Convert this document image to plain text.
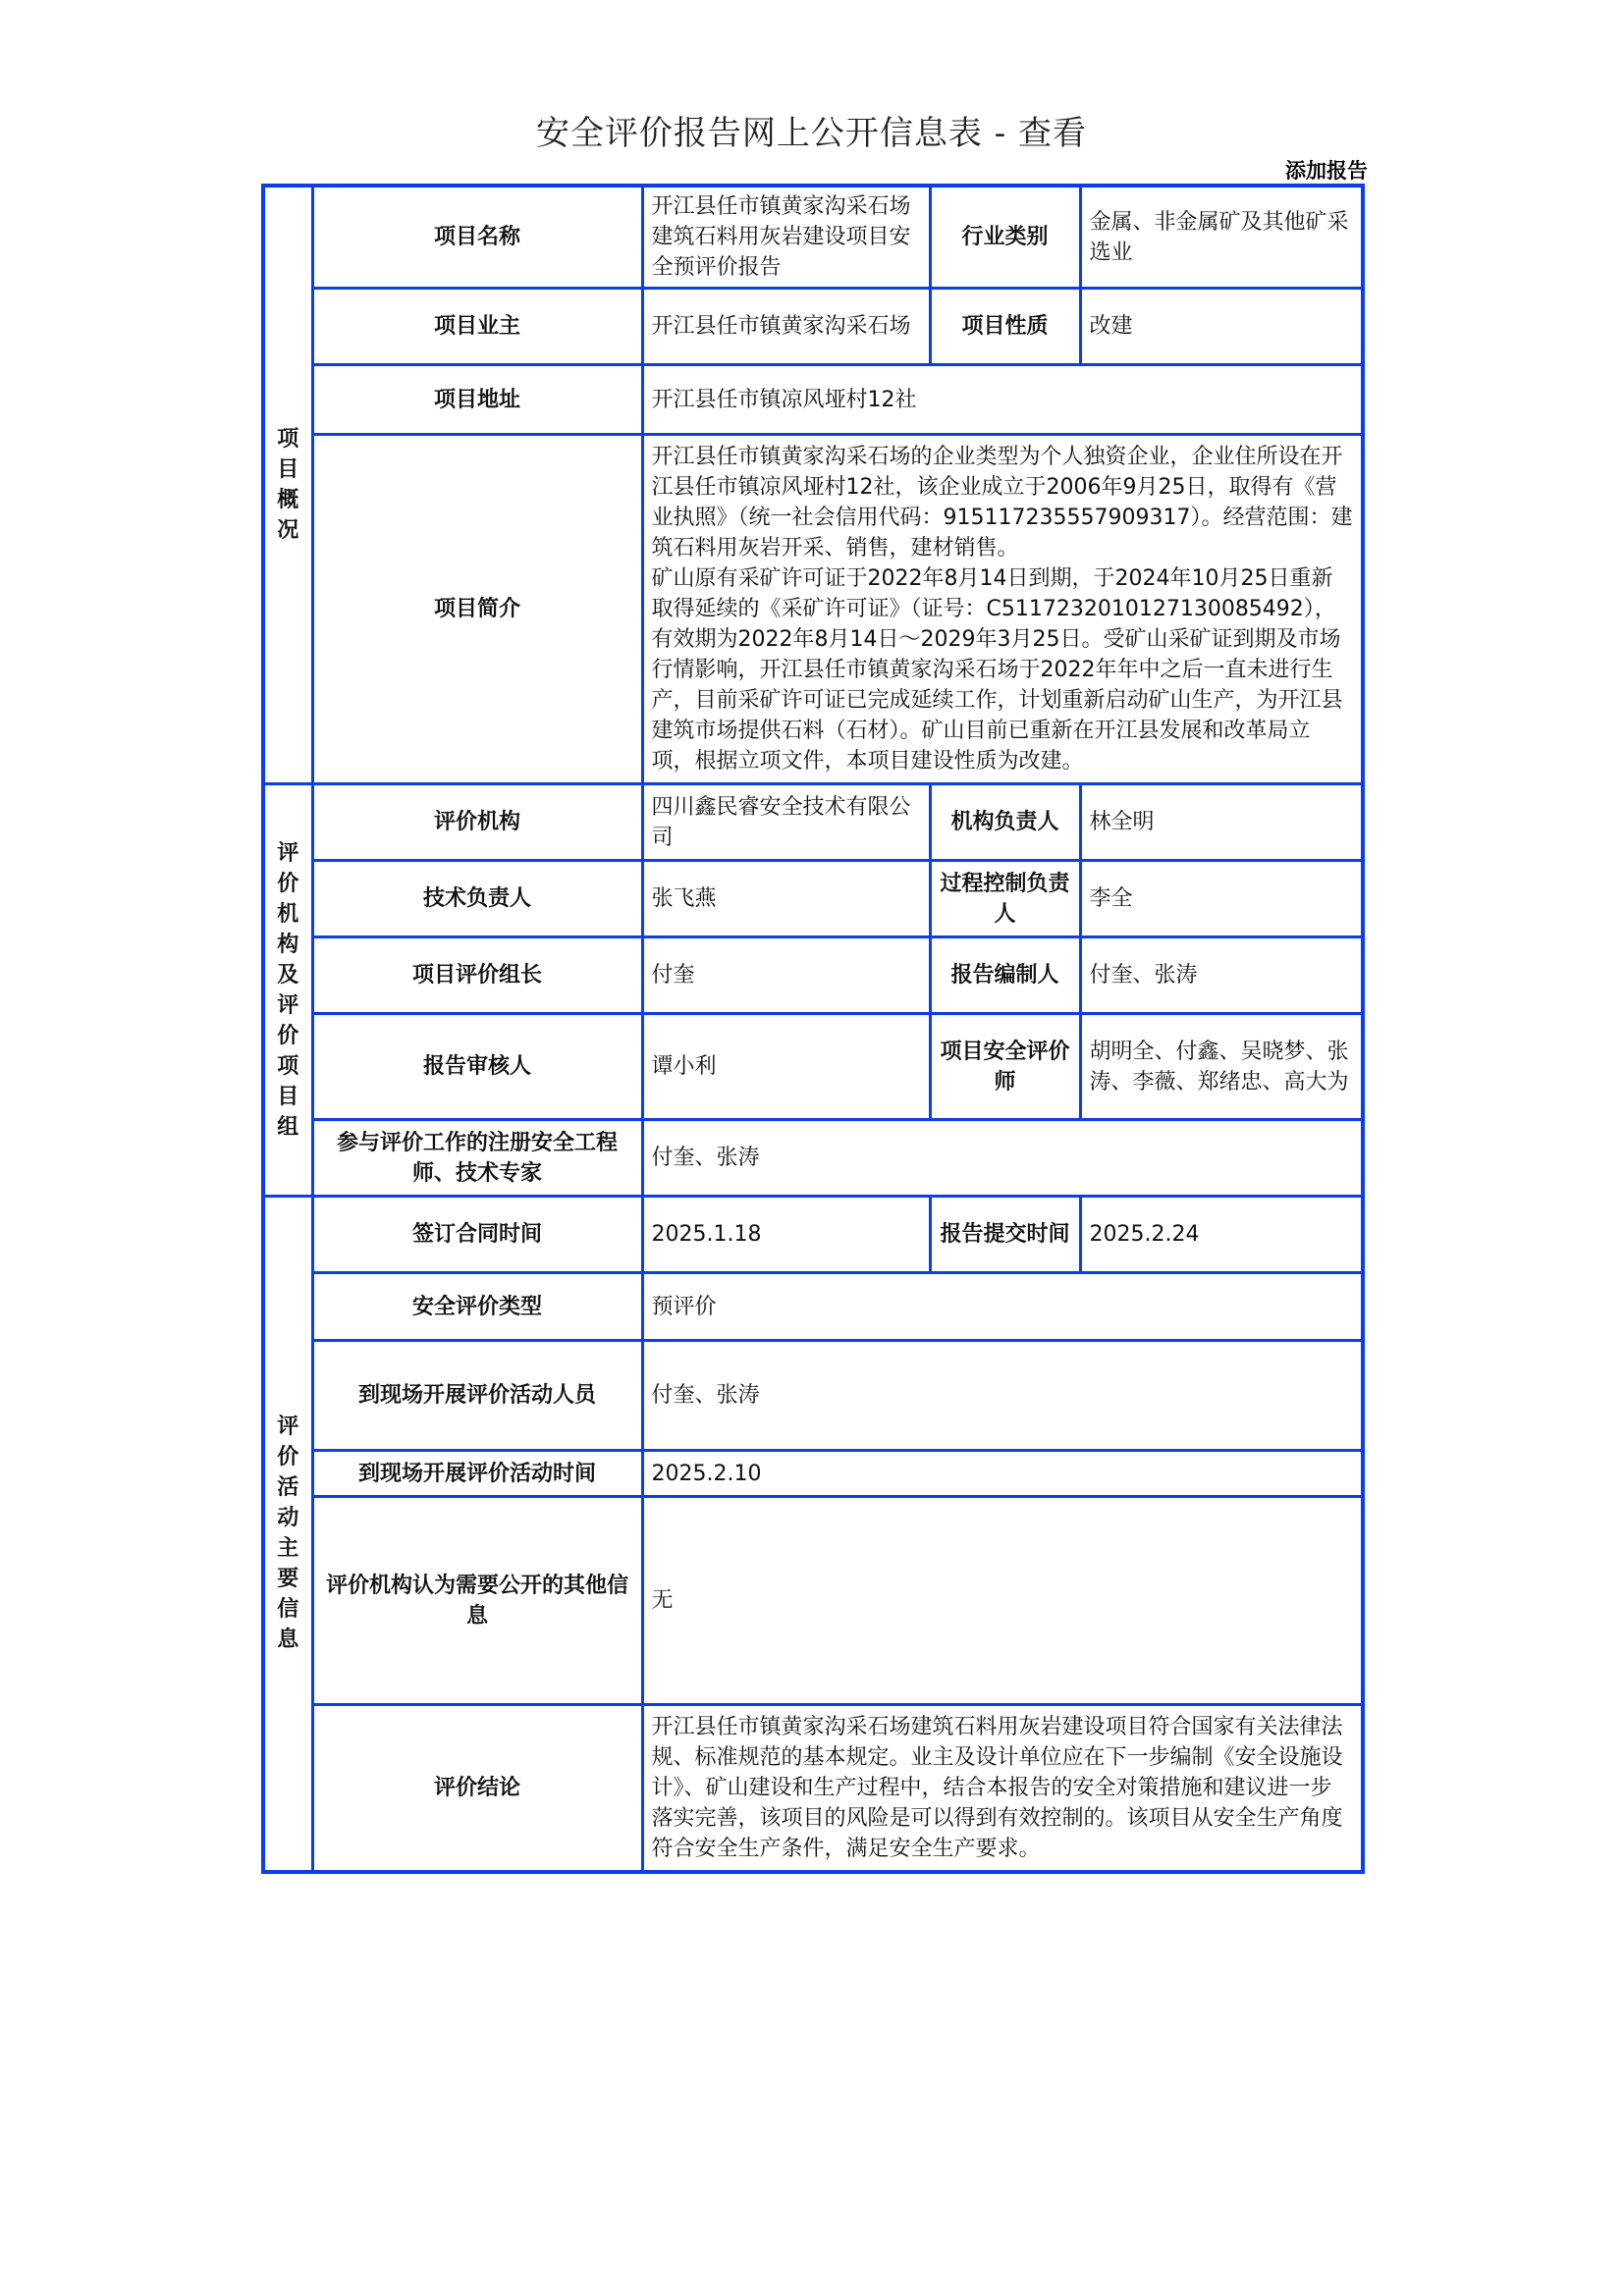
安全评价报告网上公开信息表 - 查看
添加报告
项目概况	项目名称	开江县任市镇黄家沟采石场建筑石料用灰岩建设项目安全预评价报告	行业类别	金属、非金属矿及其他矿采选业
	项目业主	开江县任市镇黄家沟采石场	项目性质	改建
	项目地址	开江县任市镇凉风垭村12社		
	项目简介	开江县任市镇黄家沟采石场的企业类型为个人独资企业，企业住所设在开江县任市镇凉风垭村12社，该企业成立于2006年9月25日，取得有《营业执照》（统一社会信用代码：915117235557909317）。经营范围：建筑石料用灰岩开采、销售，建材销售。
矿山原有采矿许可证于2022年8月14日到期，于2024年10月25日重新取得延续的《采矿许可证》（证号：C5117232010127130085492），有效期为2022年8月14日～2029年3月25日。受矿山采矿证到期及市场行情影响，开江县任市镇黄家沟采石场于2022年年中之后一直未进行生产，目前采矿许可证已完成延续工作，计划重新启动矿山生产，为开江县建筑市场提供石料（石材）。矿山目前已重新在开江县发展和改革局立项，根据立项文件，本项目建设性质为改建。		

评价机构及评价项目组	评价机构	四川鑫民睿安全技术有限公司	机构负责人	林全明
	技术负责人	张飞燕	过程控制负责人	李全
	项目评价组长	付奎	报告编制人	付奎、张涛
	报告审核人	谭小利	项目安全评价师	胡明全、付鑫、吴晓梦、张涛、李薇、郑绪忠、高大为
	参与评价工作的注册安全工程师、技术专家	付奎、张涛		

评价活动主要信息	签订合同时间	2025.1.18	报告提交时间	2025.2.24
	安全评价类型	预评价		
	到现场开展评价活动人员	付奎、张涛		
	到现场开展评价活动时间	2025.2.10		
	评价机构认为需要公开的其他信息	无		
	评价结论	开江县任市镇黄家沟采石场建筑石料用灰岩建设项目符合国家有关法律法规、标准规范的基本规定。业主及设计单位应在下一步编制《安全设施设计》、矿山建设和生产过程中，结合本报告的安全对策措施和建议进一步落实完善，该项目的风险是可以得到有效控制的。该项目从安全生产角度符合安全生产条件，满足安全生产要求。		
